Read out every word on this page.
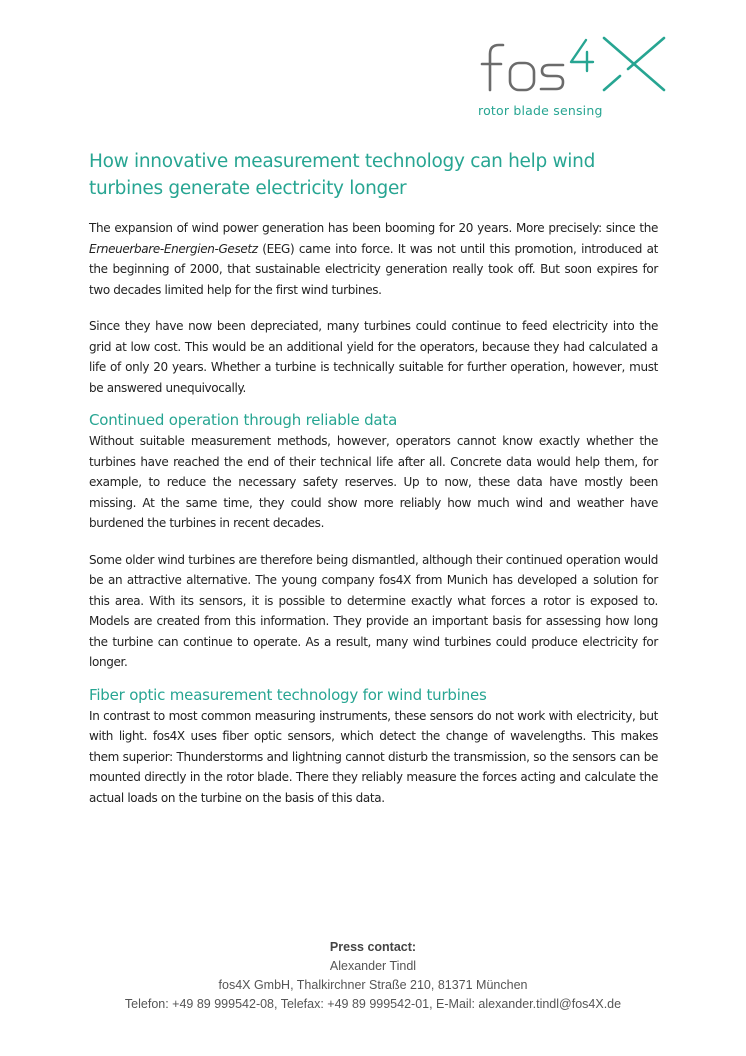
rotor blade sensing
How innovative measurement technology can help wind turbines generate electricity longer

The expansion of wind power generation has been booming for 20 years. More precisely: since the Erneuerbare-Energien-Gesetz (EEG) came into force. It was not until this promotion, introduced at the beginning of 2000, that sustainable electricity generation really took off. But soon expires for two decades limited help for the first wind turbines.

Since they have now been depreciated, many turbines could continue to feed electricity into the grid at low cost. This would be an additional yield for the operators, because they had calculated a life of only 20 years. Whether a turbine is technically suitable for further operation, however, must be answered unequivocally.

Continued operation through reliable data

Without suitable measurement methods, however, operators cannot know exactly whether the turbines have reached the end of their technical life after all. Concrete data would help them, for example, to reduce the necessary safety reserves. Up to now, these data have mostly been missing. At the same time, they could show more reliably how much wind and weather have burdened the turbines in recent decades.

Some older wind turbines are therefore being dismantled, although their continued operation would be an attractive alternative. The young company fos4X from Munich has developed a solution for this area. With its sensors, it is possible to determine exactly what forces a rotor is exposed to. Models are created from this information. They provide an important basis for assessing how long the turbine can continue to operate. As a result, many wind turbines could produce electricity for longer.

Fiber optic measurement technology for wind turbines

In contrast to most common measuring instruments, these sensors do not work with electricity, but with light. fos4X uses fiber optic sensors, which detect the change of wavelengths. This makes them superior: Thunderstorms and lightning cannot disturb the transmission, so the sensors can be mounted directly in the rotor blade. There they reliably measure the forces acting and calculate the actual loads on the turbine on the basis of this data.

Press contact:
Alexander Tindl
fos4X GmbH, Thalkirchner Straße 210, 81371 München
Telefon: +49 89 999542-08, Telefax: +49 89 999542-01, E-Mail: alexander.tindl@fos4X.de
